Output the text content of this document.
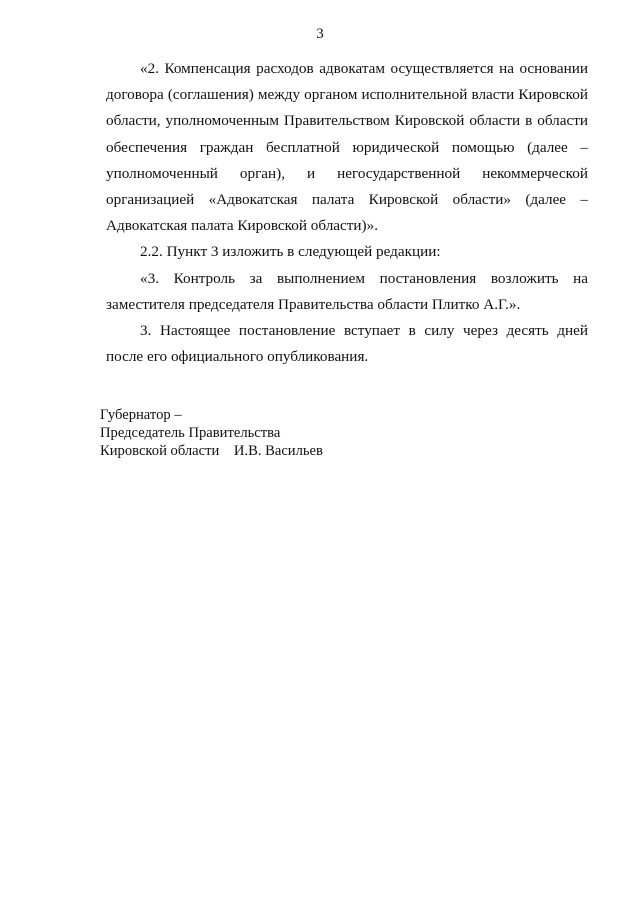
3

«2. Компенсация расходов адвокатам осуществляется на основании договора (соглашения) между органом исполнительной власти Кировской области, уполномоченным Правительством Кировской области в области обеспечения граждан бесплатной юридической помощью (далее – уполномоченный орган), и негосударственной некоммерческой организацией «Адвокатская палата Кировской области» (далее – Адвокатская палата Кировской области)».

2.2. Пункт 3 изложить в следующей редакции:

«3. Контроль за выполнением постановления возложить на заместителя председателя Правительства области Плитко А.Г.».

3. Настоящее постановление вступает в силу через десять дней после его официального опубликования.

Губернатор –
Председатель Правительства
Кировской области    И.В. Васильев
